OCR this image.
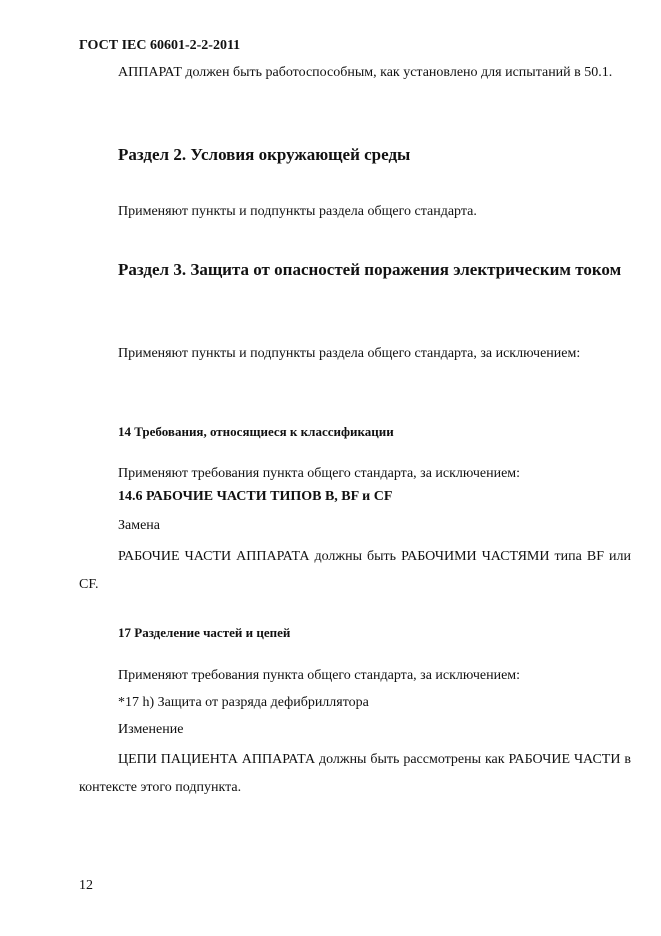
ГОСТ IEC 60601-2-2-2011
АППАРАТ должен быть работоспособным, как установлено для испытаний в 50.1.
Раздел 2. Условия окружающей среды
Применяют пункты и подпункты раздела общего стандарта.
Раздел 3. Защита от опасностей поражения электрическим током
Применяют пункты и подпункты раздела общего стандарта, за исключением:
14 Требования, относящиеся к классификации
Применяют требования пункта общего стандарта, за исключением:
14.6 РАБОЧИЕ ЧАСТИ ТИПОВ B, BF и CF
Замена
РАБОЧИЕ ЧАСТИ АППАРАТА должны быть РАБОЧИМИ ЧАСТЯМИ типа BF или CF.
17 Разделение частей и цепей
Применяют требования пункта общего стандарта, за исключением:
*17 h) Защита от разряда дефибриллятора
Изменение
ЦЕПИ ПАЦИЕНТА АППАРАТА должны быть рассмотрены как РАБОЧИЕ ЧАСТИ в контексте этого подпункта.
12
